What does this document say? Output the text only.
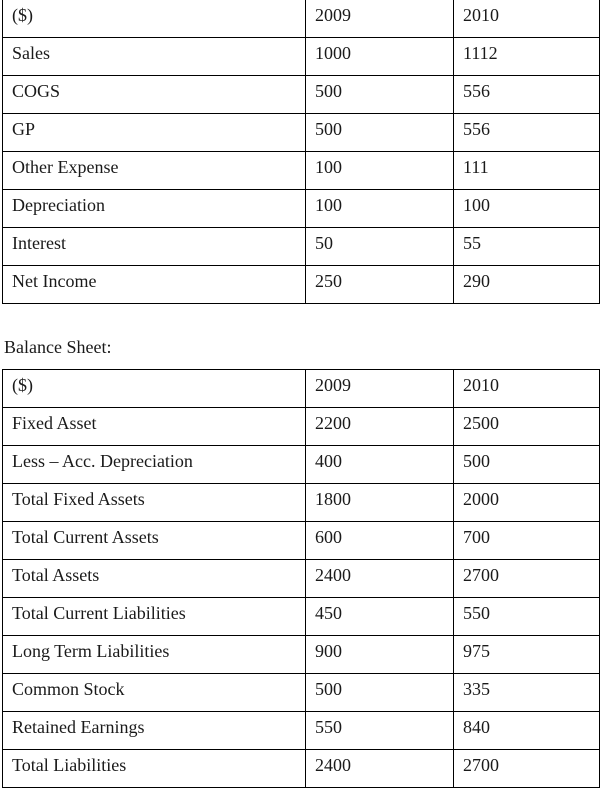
($)	2009	2010
Sales	1000	1112
COGS	500	556
GP	500	556
Other Expense	100	111
Depreciation	100	100
Interest	50	55
Net Income	250	290

Balance Sheet:

($)	2009	2010
Fixed Asset	2200	2500
Less – Acc. Depreciation	400	500
Total Fixed Assets	1800	2000
Total Current Assets	600	700
Total Assets	2400	2700
Total Current Liabilities	450	550
Long Term Liabilities	900	975
Common Stock	500	335
Retained Earnings	550	840
Total Liabilities	2400	2700
